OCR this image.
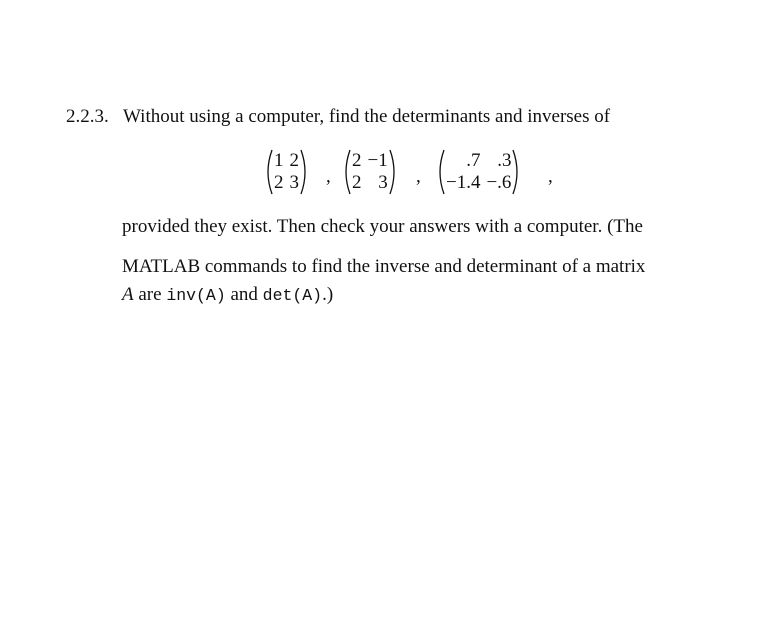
2.2.3. Without using a computer, find the determinants and inverses of
1 2
2 3 ,
2 −1
2 3 ,
.7 .3
−1.4 −.6 ,
provided they exist. Then check your answers with a computer. (The
MATLAB commands to find the inverse and determinant of a matrix
A are inv(A) and det(A).)
